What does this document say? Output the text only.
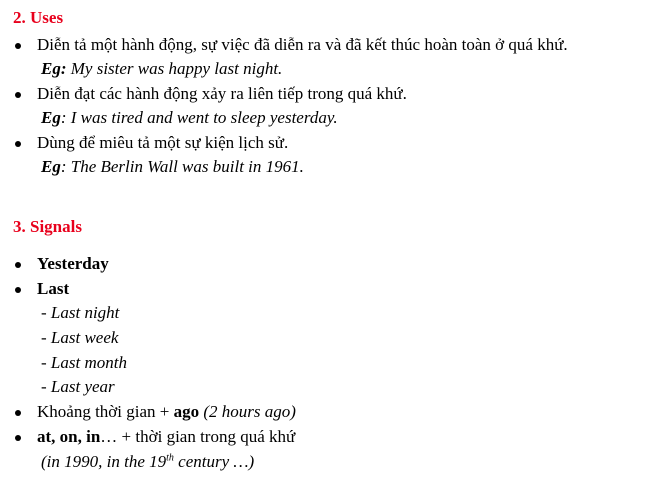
2. Uses
Diễn tả một hành động, sự việc đã diễn ra và đã kết thúc hoàn toàn ở quá khứ.
Eg: My sister was happy last night.
Diễn đạt các hành động xảy ra liên tiếp trong quá khứ.
Eg: I was tired and went to sleep yesterday.
Dùng để miêu tả một sự kiện lịch sử.
Eg: The Berlin Wall was built in 1961.
3. Signals
Yesterday
Last
- Last night
- Last week
- Last month
- Last year
Khoảng thời gian + ago (2 hours ago)
at, on, in… + thời gian trong quá khứ
(in 1990, in the 19th century …)
